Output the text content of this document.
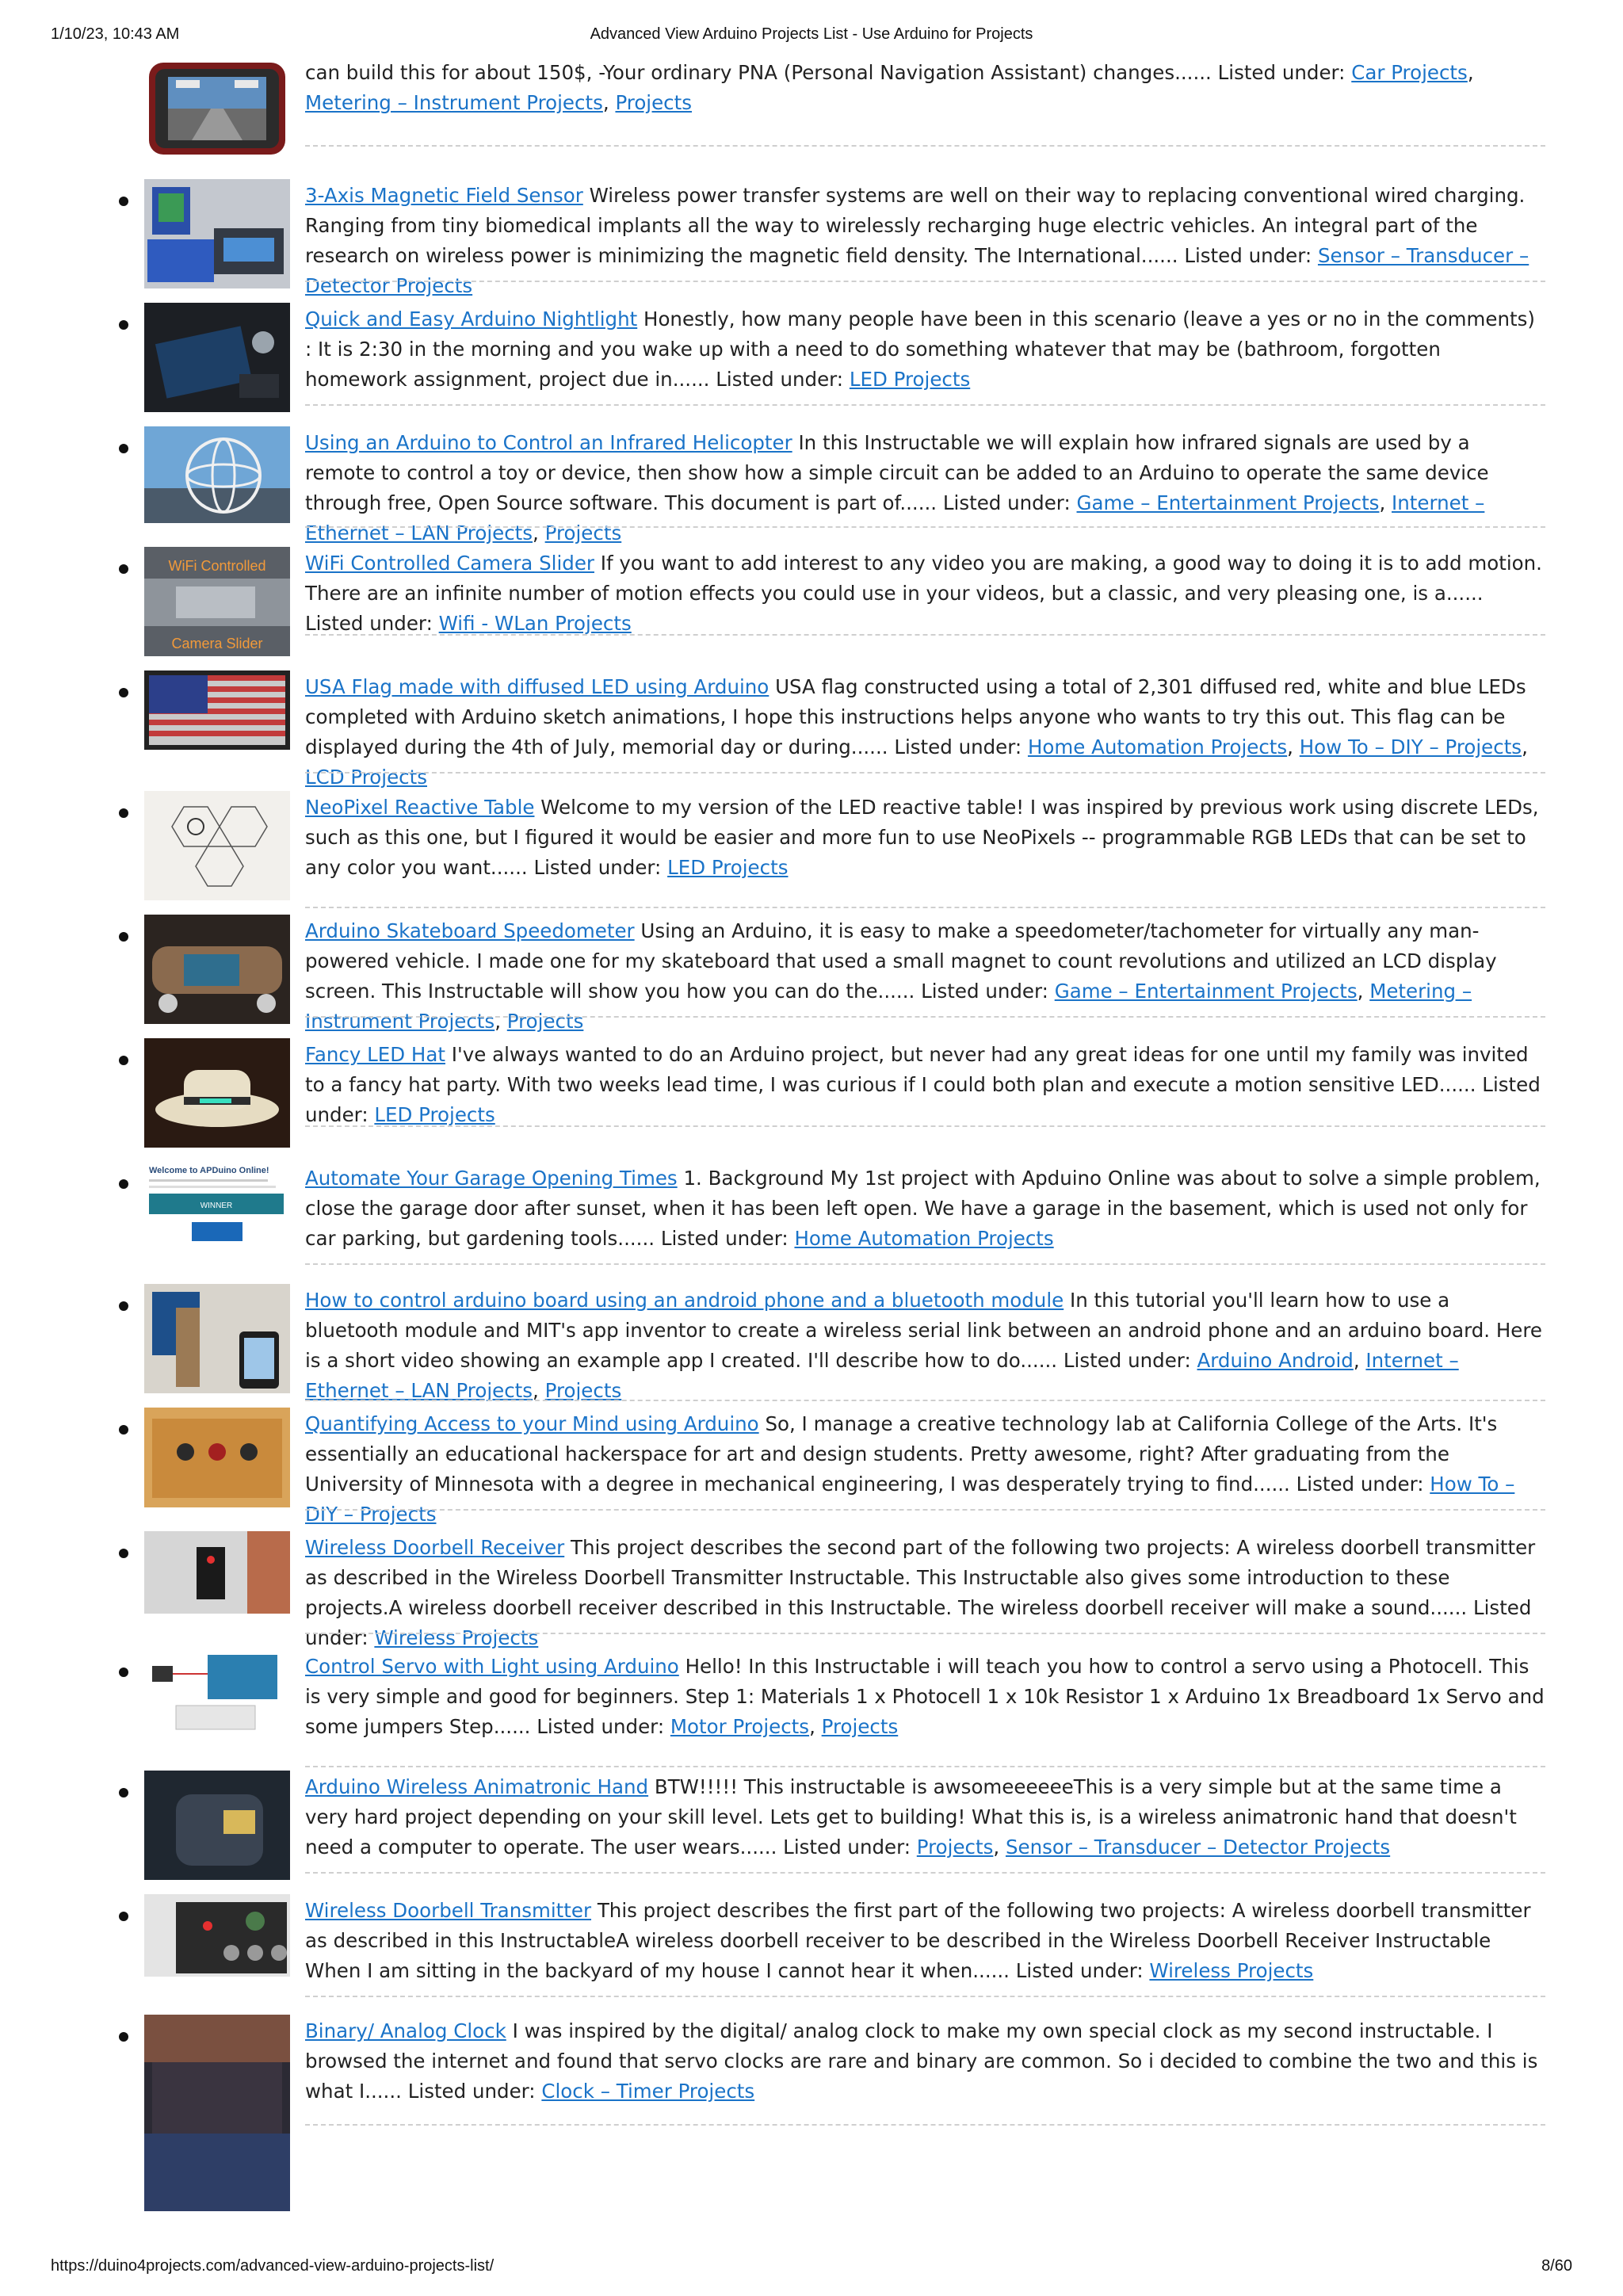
1/10/23, 10:43 AM	Advanced View Arduino Projects List - Use Arduino for Projects
can build this for about 150$, -Your ordinary PNA (Personal Navigation Assistant) changes...... Listed under: Car Projects, Metering – Instrument Projects, Projects
3-Axis Magnetic Field Sensor Wireless power transfer systems are well on their way to replacing conventional wired charging. Ranging from tiny biomedical implants all the way to wirelessly recharging huge electric vehicles. An integral part of the research on wireless power is minimizing the magnetic field density. The International...... Listed under: Sensor – Transducer – Detector Projects
Quick and Easy Arduino Nightlight Honestly, how many people have been in this scenario (leave a yes or no in the comments) : It is 2:30 in the morning and you wake up with a need to do something whatever that may be (bathroom, forgotten homework assignment, project due in...... Listed under: LED Projects
Using an Arduino to Control an Infrared Helicopter In this Instructable we will explain how infrared signals are used by a remote to control a toy or device, then show how a simple circuit can be added to an Arduino to operate the same device through free, Open Source software. This document is part of...... Listed under: Game – Entertainment Projects, Internet – Ethernet – LAN Projects, Projects
WiFi Controlled
Camera Slider
WiFi Controlled Camera Slider If you want to add interest to any video you are making, a good way to doing it is to add motion. There are an infinite number of motion effects you could use in your videos, but a classic, and very pleasing one, is a...... Listed under: Wifi - WLan Projects
USA Flag made with diffused LED using Arduino USA flag constructed using a total of 2,301 diffused red, white and blue LEDs completed with Arduino sketch animations, I hope this instructions helps anyone who wants to try this out. This flag can be displayed during the 4th of July, memorial day or during...... Listed under: Home Automation Projects, How To – DIY – Projects, LCD Projects
NeoPixel Reactive Table Welcome to my version of the LED reactive table! I was inspired by previous work using discrete LEDs, such as this one, but I figured it would be easier and more fun to use NeoPixels -- programmable RGB LEDs that can be set to any color you want...... Listed under: LED Projects
Arduino Skateboard Speedometer Using an Arduino, it is easy to make a speedometer/tachometer for virtually any man-powered vehicle. I made one for my skateboard that used a small magnet to count revolutions and utilized an LCD display screen. This Instructable will show you how you can do the...... Listed under: Game – Entertainment Projects, Metering – Instrument Projects, Projects
Fancy LED Hat I've always wanted to do an Arduino project, but never had any great ideas for one until my family was invited to a fancy hat party. With two weeks lead time, I was curious if I could both plan and execute a motion sensitive LED...... Listed under: LED Projects
Welcome to APDuino Online!
WINNER
Automate Your Garage Opening Times 1. Background My 1st project with Apduino Online was about to solve a simple problem, close the garage door after sunset, when it has been left open. We have a garage in the basement, which is used not only for car parking, but gardening tools...... Listed under: Home Automation Projects
How to control arduino board using an android phone and a bluetooth module In this tutorial you'll learn how to use a bluetooth module and MIT's app inventor to create a wireless serial link between an android phone and an arduino board. Here is a short video showing an example app I created. I'll describe how to do...... Listed under: Arduino Android, Internet – Ethernet – LAN Projects, Projects
Quantifying Access to your Mind using Arduino So, I manage a creative technology lab at California College of the Arts. It's essentially an educational hackerspace for art and design students. Pretty awesome, right? After graduating from the University of Minnesota with a degree in mechanical engineering, I was desperately trying to find...... Listed under: How To – DIY – Projects
Wireless Doorbell Receiver This project describes the second part of the following two projects: A wireless doorbell transmitter as described in the Wireless Doorbell Transmitter Instructable. This Instructable also gives some introduction to these projects.A wireless doorbell receiver described in this Instructable. The wireless doorbell receiver will make a sound...... Listed under: Wireless Projects
Control Servo with Light using Arduino Hello! In this Instructable i will teach you how to control a servo using a Photocell. This is very simple and good for beginners. Step 1: Materials 1 x Photocell 1 x 10k Resistor 1 x Arduino 1x Breadboard 1x Servo and some jumpers Step...... Listed under: Motor Projects, Projects
Arduino Wireless Animatronic Hand BTW!!!!! This instructable is awsomeeeeeeThis is a very simple but at the same time a very hard project depending on your skill level. Lets get to building! What this is, is a wireless animatronic hand that doesn't need a computer to operate. The user wears...... Listed under: Projects, Sensor – Transducer – Detector Projects
Wireless Doorbell Transmitter This project describes the first part of the following two projects: A wireless doorbell transmitter as described in this InstructableA wireless doorbell receiver to be described in the Wireless Doorbell Receiver Instructable When I am sitting in the backyard of my house I cannot hear it when...... Listed under: Wireless Projects
Binary/ Analog Clock I was inspired by the digital/ analog clock to make my own special clock as my second instructable. I browsed the internet and found that servo clocks are rare and binary are common. So i decided to combine the two and this is what I...... Listed under: Clock – Timer Projects
https://duino4projects.com/advanced-view-arduino-projects-list/	8/60
